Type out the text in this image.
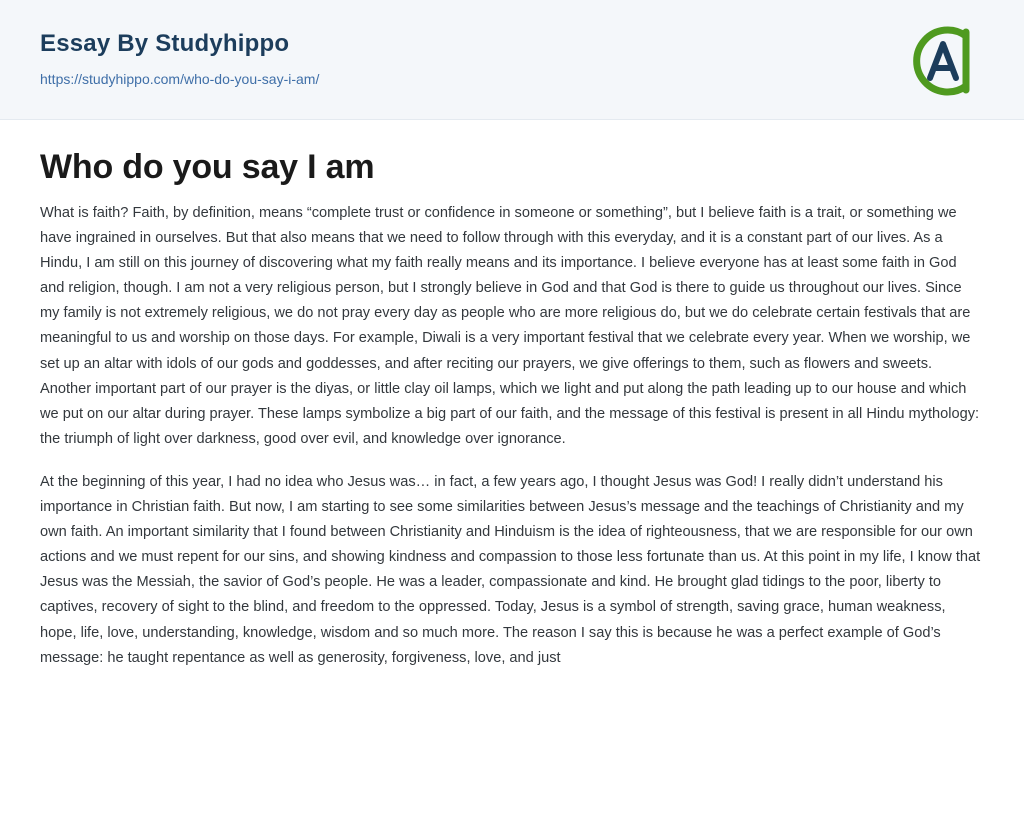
Essay By Studyhippo
https://studyhippo.com/who-do-you-say-i-am/
Who do you say I am

What is faith? Faith, by definition, means “complete trust or confidence in someone or something”, but I believe faith is a trait, or something we have ingrained in ourselves. But that also means that we need to follow through with this everyday, and it is a constant part of our lives. As a Hindu, I am still on this journey of discovering what my faith really means and its importance. I believe everyone has at least some faith in God and religion, though. I am not a very religious person, but I strongly believe in God and that God is there to guide us throughout our lives. Since my family is not extremely religious, we do not pray every day as people who are more religious do, but we do celebrate certain festivals that are meaningful to us and worship on those days. For example, Diwali is a very important festival that we celebrate every year. When we worship, we set up an altar with idols of our gods and goddesses, and after reciting our prayers, we give offerings to them, such as flowers and sweets. Another important part of our prayer is the diyas, or little clay oil lamps, which we light and put along the path leading up to our house and which we put on our altar during prayer. These lamps symbolize a big part of our faith, and the message of this festival is present in all Hindu mythology: the triumph of light over darkness, good over evil, and knowledge over ignorance.

At the beginning of this year, I had no idea who Jesus was… in fact, a few years ago, I thought Jesus was God! I really didn’t understand his importance in Christian faith. But now, I am starting to see some similarities between Jesus’s message and the teachings of Christianity and my own faith. An important similarity that I found between Christianity and Hinduism is the idea of righteousness, that we are responsible for our own actions and we must repent for our sins, and showing kindness and compassion to those less fortunate than us. At this point in my life, I know that Jesus was the Messiah, the savior of God’s people. He was a leader, compassionate and kind. He brought glad tidings to the poor, liberty to captives, recovery of sight to the blind, and freedom to the oppressed. Today, Jesus is a symbol of strength, saving grace, human weakness, hope, life, love, understanding, knowledge, wisdom and so much more. The reason I say this is because he was a perfect example of God’s message: he taught repentance as well as generosity, forgiveness, love, and just
